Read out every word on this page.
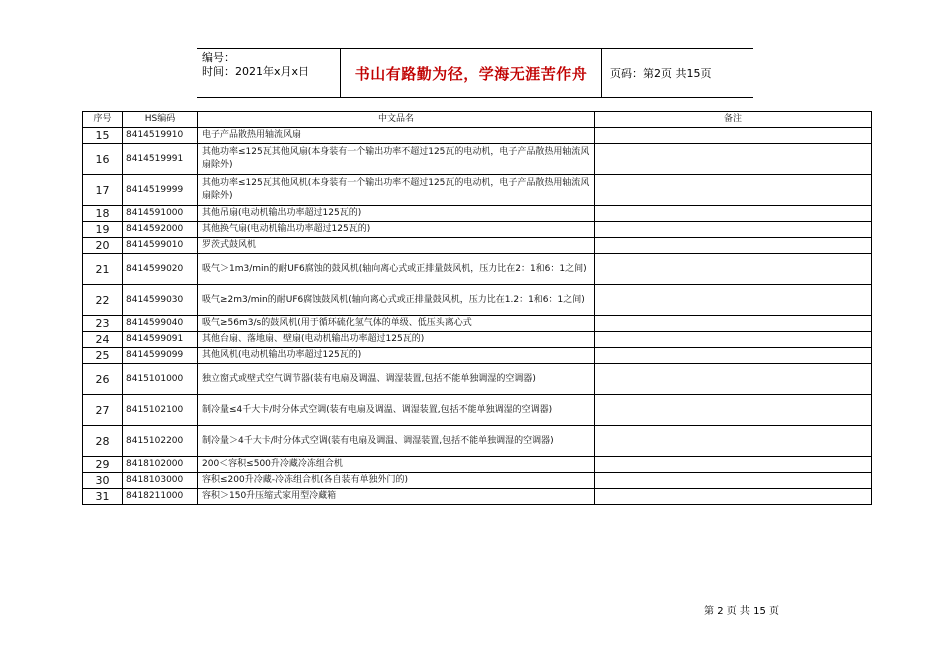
编号：
时间：2021年x月x日	书山有路勤为径，学海无涯苦作舟	页码：第2页 共15页
序号	HS编码	中文品名	备注
15	8414519910	电子产品散热用轴流风扇	
16	8414519991	其他功率≤125瓦其他风扇(本身装有一个输出功率不超过125瓦的电动机，电子产品散热用轴流风扇除外)	
17	8414519999	其他功率≤125瓦其他风机(本身装有一个输出功率不超过125瓦的电动机，电子产品散热用轴流风扇除外)	
18	8414591000	其他吊扇(电动机输出功率超过125瓦的)	
19	8414592000	其他换气扇(电动机输出功率超过125瓦的)	
20	8414599010	罗茨式鼓风机	
21	8414599020	吸气＞1m3/min的耐UF6腐蚀的鼓风机(轴向离心式或正排量鼓风机，压力比在2：1和6：1之间)	
22	8414599030	吸气≥2m3/min的耐UF6腐蚀鼓风机(轴向离心式或正排量鼓风机，压力比在1.2：1和6：1之间)	
23	8414599040	吸气≥56m3/s的鼓风机(用于循环硫化氢气体的单级、低压头离心式	
24	8414599091	其他台扇、落地扇、壁扇(电动机输出功率超过125瓦的)	
25	8414599099	其他风机(电动机输出功率超过125瓦的)	
26	8415101000	独立窗式或壁式空气调节器(装有电扇及调温、调湿装置,包括不能单独调湿的空调器)	
27	8415102100	制冷量≤4千大卡/时分体式空调(装有电扇及调温、调湿装置,包括不能单独调湿的空调器)	
28	8415102200	制冷量＞4千大卡/时分体式空调(装有电扇及调温、调湿装置,包括不能单独调湿的空调器)	
29	8418102000	200＜容积≤500升冷藏冷冻组合机	
30	8418103000	容积≤200升冷藏-冷冻组合机(各自装有单独外门的)	
31	8418211000	容积＞150升压缩式家用型冷藏箱	
第 2 页 共 15 页
